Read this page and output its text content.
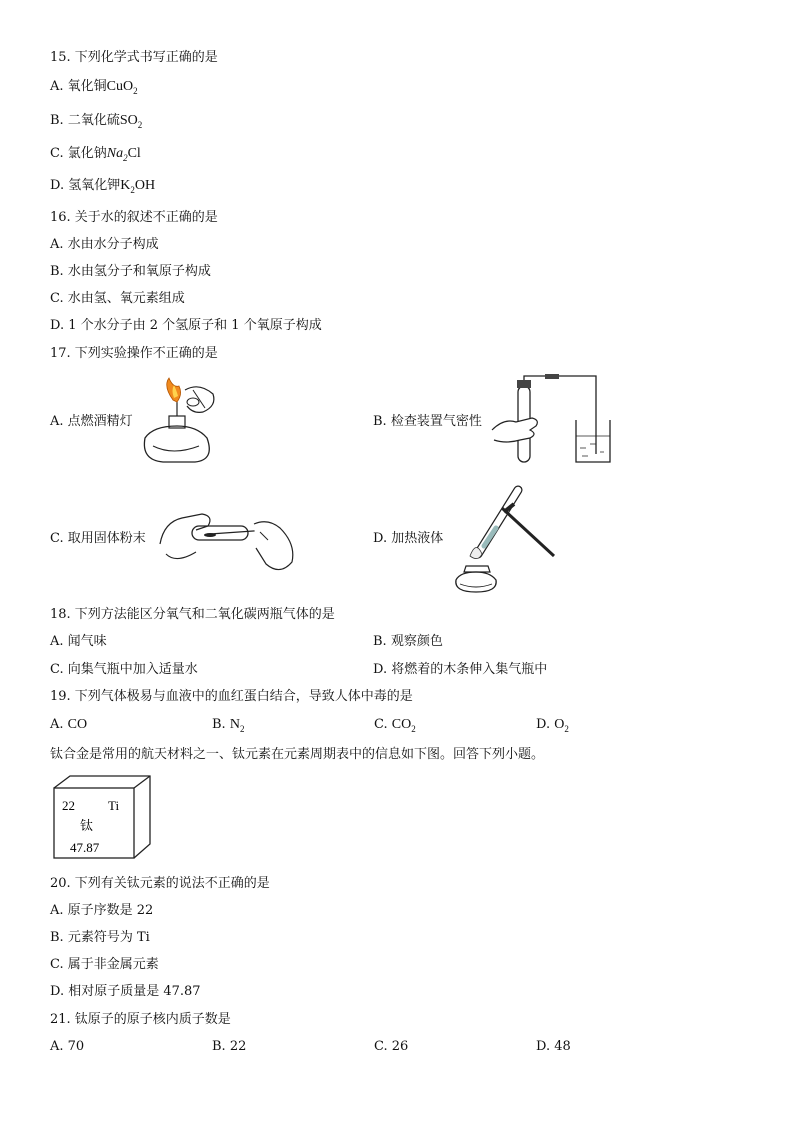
15. 下列化学式书写正确的是
A. 氧化铜CuO$_2$
B. 二氧化硫$SO_2$
C. 氯化钠$Na_2Cl$
D. 氢氧化钾$K_2OH$
16. 关于水的叙述不正确的是
A. 水由水分子构成
B. 水由氢分子和氧原子构成
C. 水由氢、氧元素组成
D. 1 个水分子由 2 个氢原子和 1 个氧原子构成
17. 下列实验操作不正确的是
A. 点燃酒精灯	B. 检查装置气密性
C. 取用固体粉末	D. 加热液体
18. 下列方法能区分氧气和二氧化碳两瓶气体的是
A. 闻气味	B. 观察颜色
C. 向集气瓶中加入适量水	D. 将燃着的木条伸入集气瓶中
19. 下列气体极易与血液中的血红蛋白结合，导致人体中毒的是
A. CO	B. $N_2$	C. $CO_2$	D. $O_2$
钛合金是常用的航天材料之一、钛元素在元素周期表中的信息如下图。回答下列小题。
22	Ti
钛
47.87
20. 下列有关钛元素的说法不正确的是
A. 原子序数是 22
B. 元素符号为 Ti
C. 属于非金属元素
D. 相对原子质量是 47.87
21. 钛原子的原子核内质子数是
A. 70	B. 22	C. 26	D. 48
